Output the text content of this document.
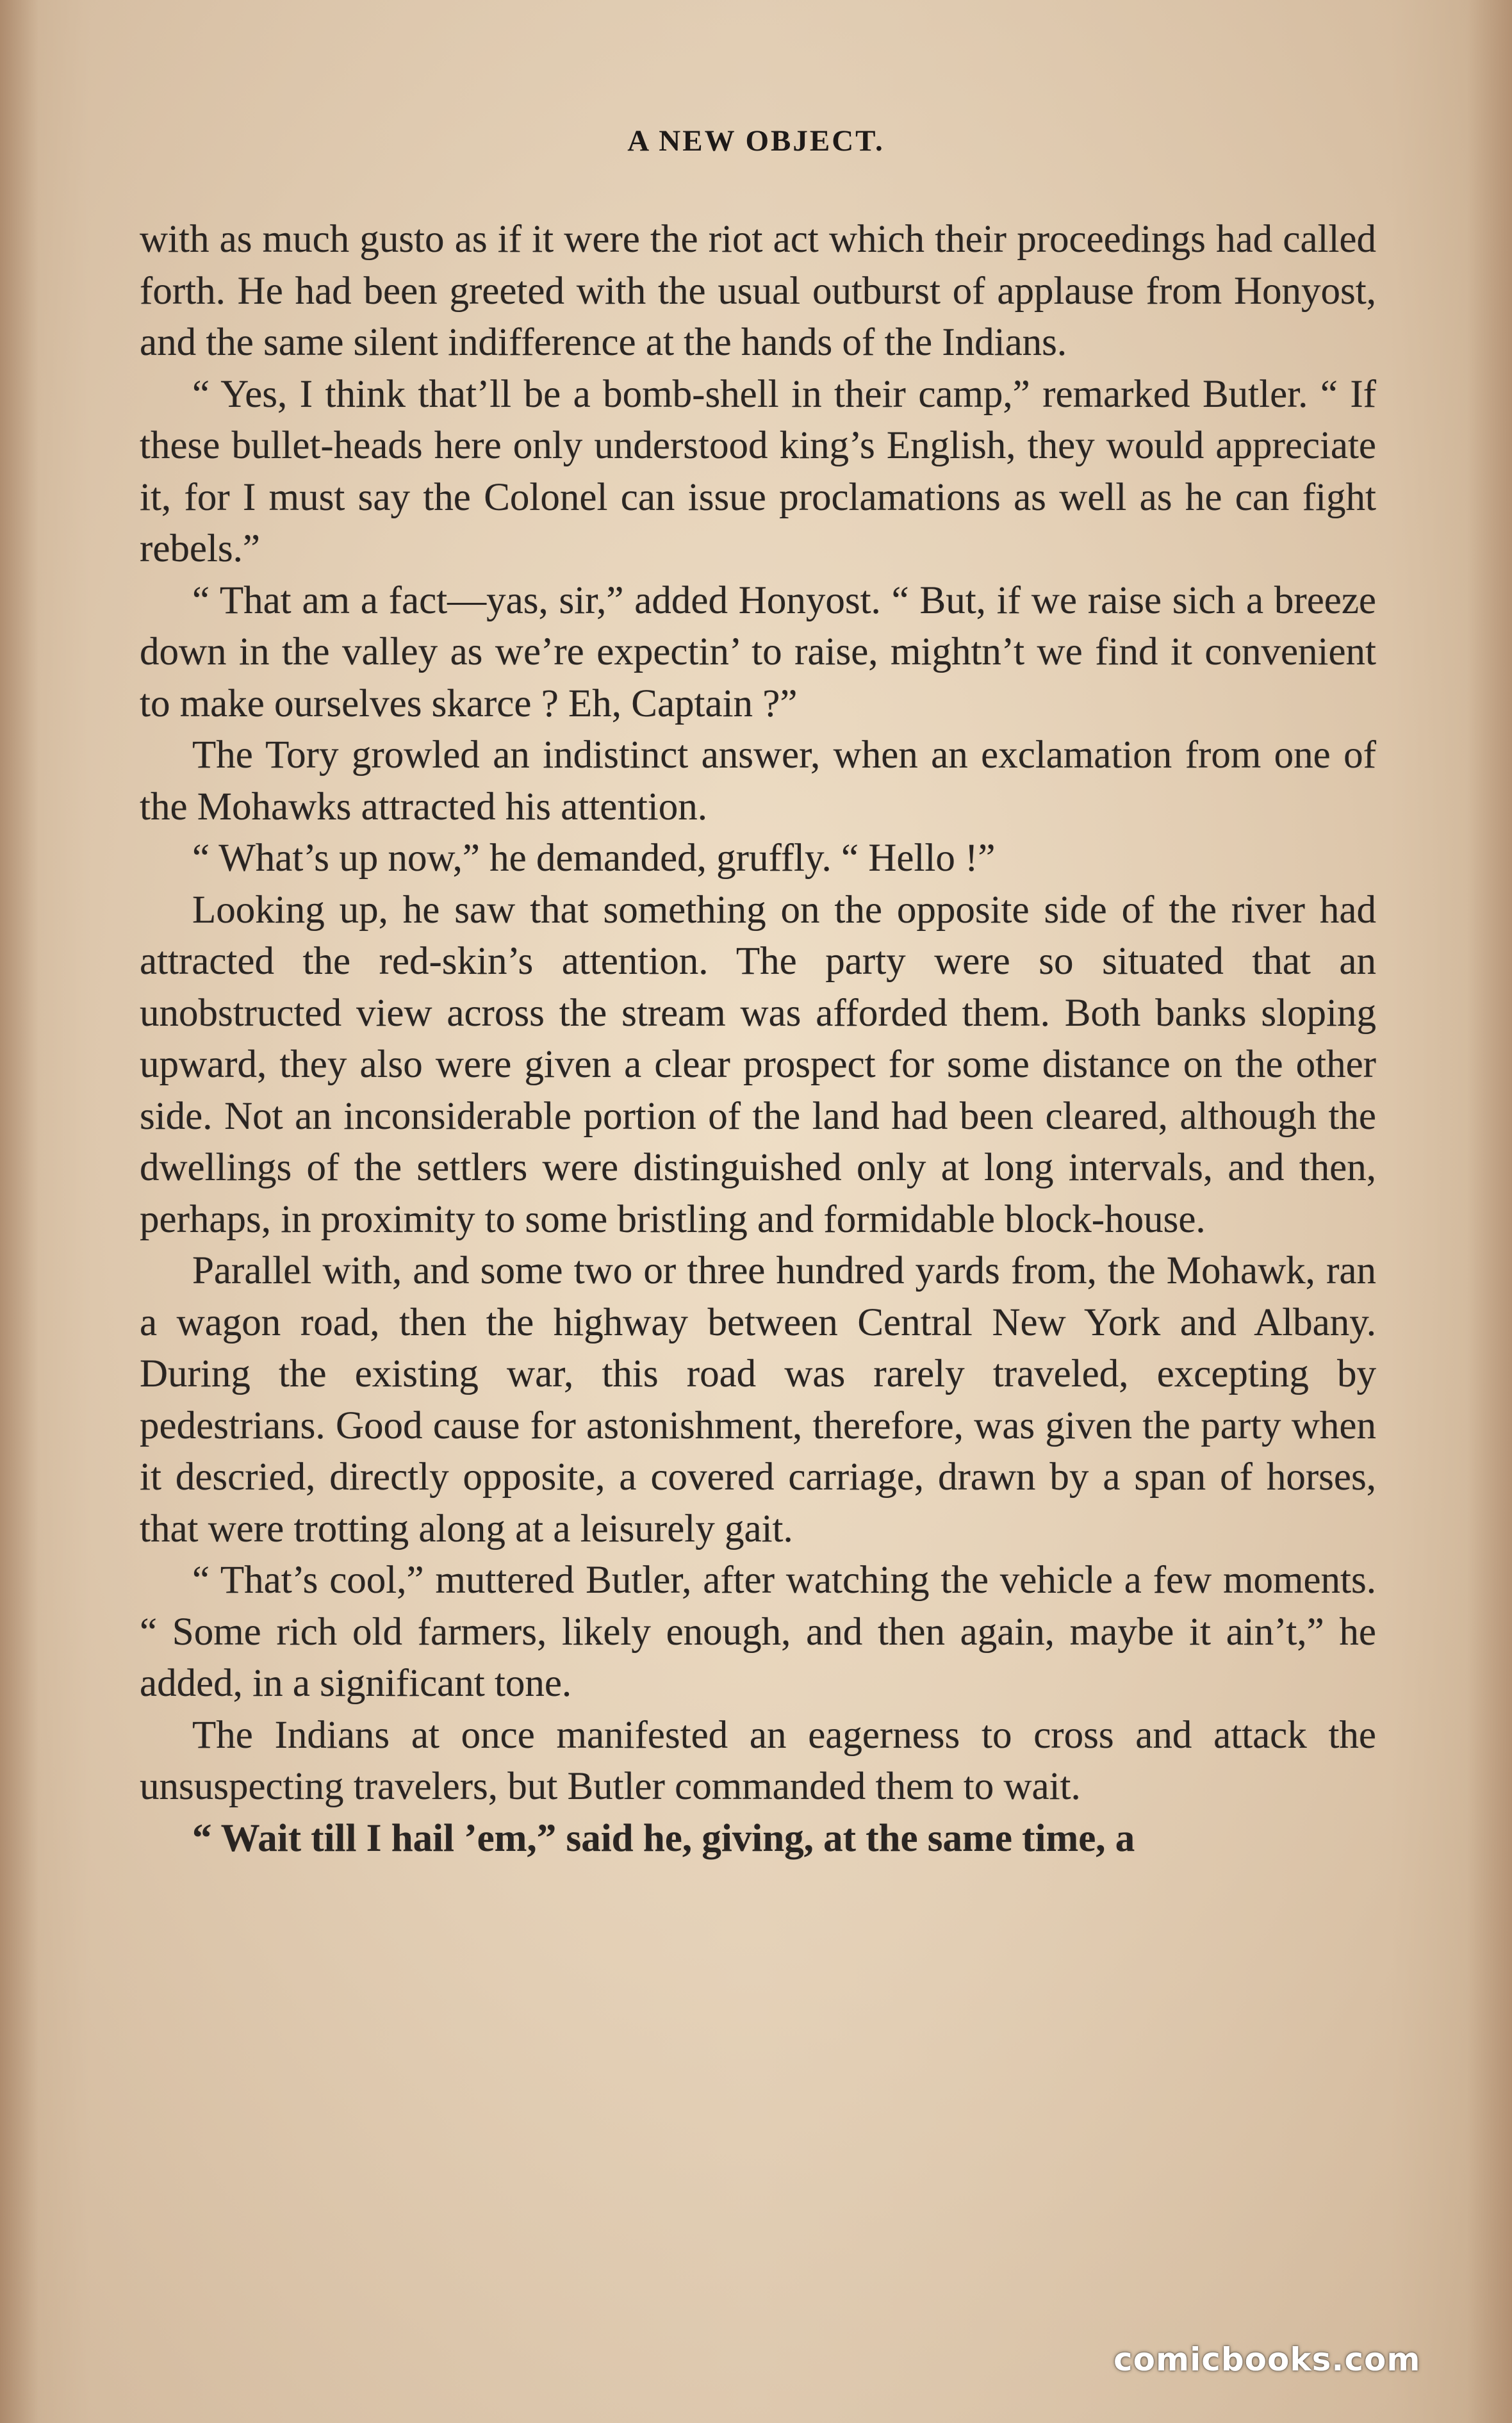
A NEW OBJECT.

with as much gusto as if it were the riot act which their proceedings had called forth. He had been greeted with the usual outburst of applause from Honyost, and the same silent indifference at the hands of the Indians.

“ Yes, I think that’ll be a bomb-shell in their camp,” remarked Butler. “ If these bullet-heads here only understood king’s English, they would appreciate it, for I must say the Colonel can issue proclamations as well as he can fight rebels.”

“ That am a fact—yas, sir,” added Honyost. “ But, if we raise sich a breeze down in the valley as we’re expectin’ to raise, mightn’t we find it convenient to make ourselves skarce ? Eh, Captain ?”

The Tory growled an indistinct answer, when an exclamation from one of the Mohawks attracted his attention.

“ What’s up now,” he demanded, gruffly. “ Hello !”

Looking up, he saw that something on the opposite side of the river had attracted the red-skin’s attention. The party were so situated that an unobstructed view across the stream was afforded them. Both banks sloping upward, they also were given a clear prospect for some distance on the other side. Not an inconsiderable portion of the land had been cleared, although the dwellings of the settlers were distinguished only at long intervals, and then, perhaps, in proximity to some bristling and formidable block-house.

Parallel with, and some two or three hundred yards from, the Mohawk, ran a wagon road, then the highway between Central New York and Albany. During the existing war, this road was rarely traveled, excepting by pedestrians. Good cause for astonishment, therefore, was given the party when it descried, directly opposite, a covered carriage, drawn by a span of horses, that were trotting along at a leisurely gait.

“ That’s cool,” muttered Butler, after watching the vehicle a few moments. “ Some rich old farmers, likely enough, and then again, maybe it ain’t,” he added, in a significant tone.

The Indians at once manifested an eagerness to cross and attack the unsuspecting travelers, but Butler commanded them to wait.

“ Wait till I hail ’em,” said he, giving, at the same time, a

comicbooks.com
